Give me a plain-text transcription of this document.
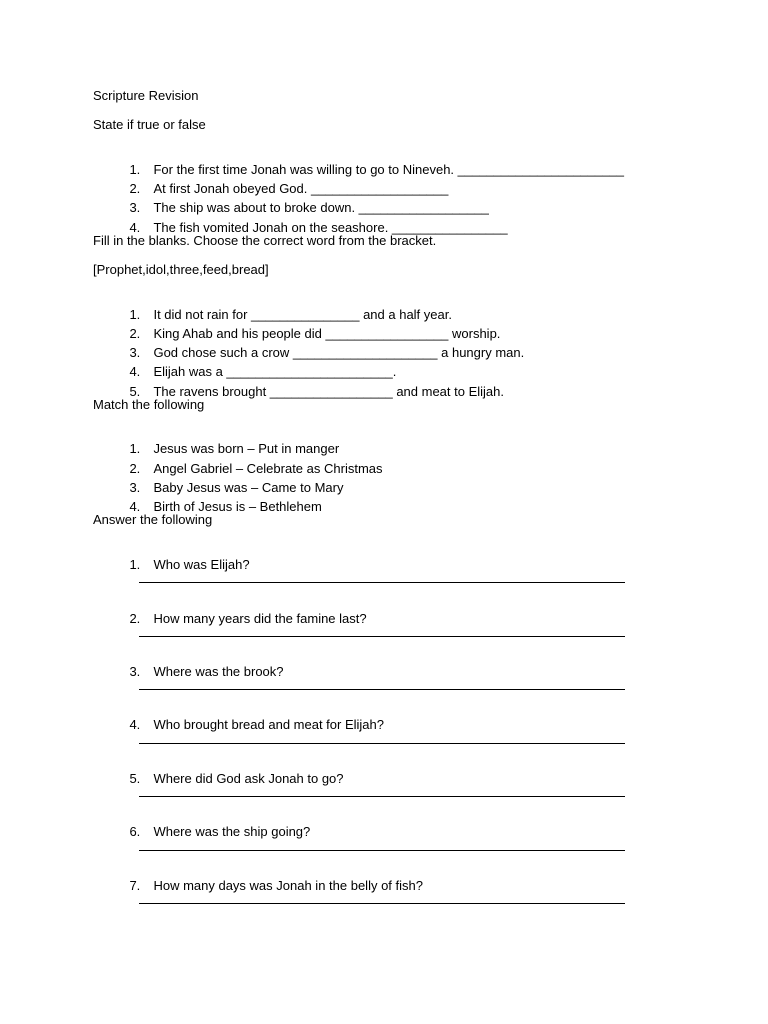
Scripture Revision
State if true or false

1. For the first time Jonah was willing to go to Nineveh. _______________________

2. At first Jonah obeyed God. ___________________

3. The ship was about to broke down. __________________

4. The fish vomited Jonah on the seashore. ________________

Fill in the blanks. Choose the correct word from the bracket.
[Prophet,idol,three,feed,bread]

1. It did not rain for _______________ and a half year.

2. King Ahab and his people did _________________ worship.

3. God chose such a crow ____________________ a hungry man.

4. Elijah was a _______________________.

5. The ravens brought _________________ and meat to Elijah.

Match the following

1. Jesus was born – Put in manger

2. Angel Gabriel – Celebrate as Christmas

3. Baby Jesus was – Came to Mary

4. Birth of Jesus is – Bethlehem

Answer the following

1. Who was Elijah?

2. How many years did the famine last?

3. Where was the brook?

4. Who brought bread and meat for Elijah?

5. Where did God ask Jonah to go?

6. Where was the ship going?

7. How many days was Jonah in the belly of fish?
